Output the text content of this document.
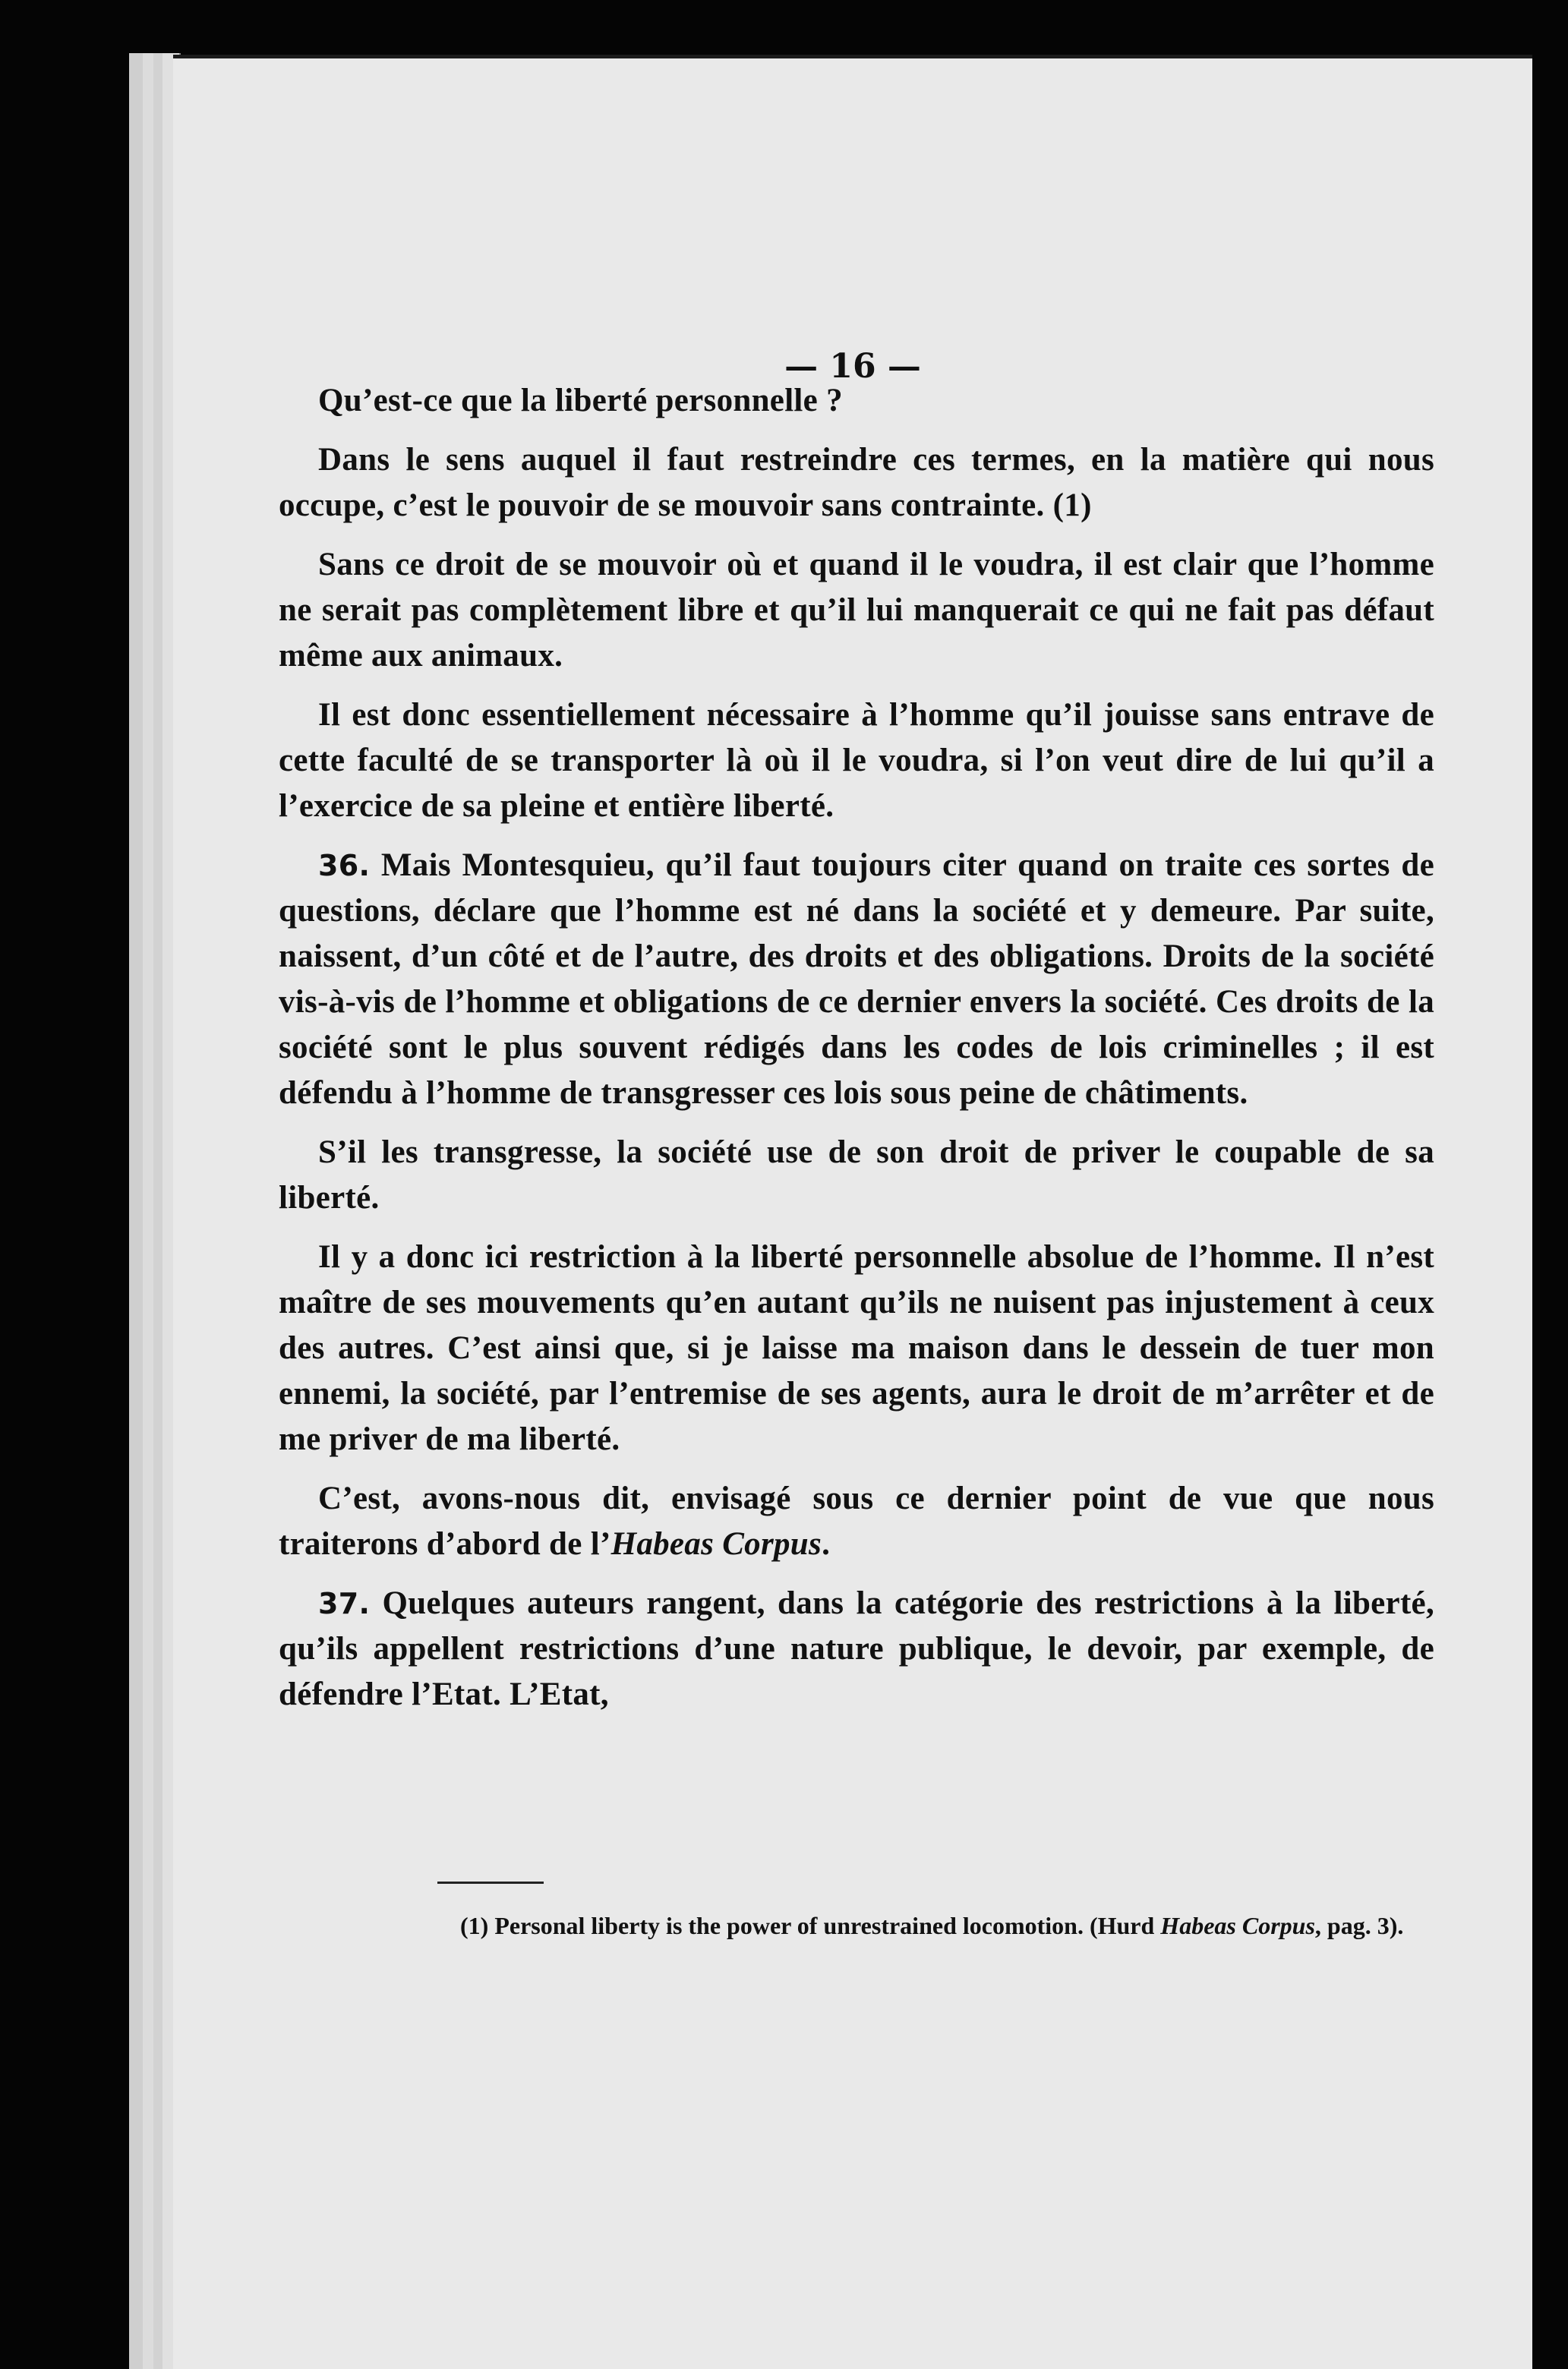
— 16 —

Qu’est-ce que la liberté personnelle ?

Dans le sens auquel il faut restreindre ces termes, en la matière qui nous occupe, c’est le pouvoir de se mouvoir sans contrainte. (1)

Sans ce droit de se mouvoir où et quand il le voudra, il est clair que l’homme ne serait pas complètement libre et qu’il lui manquerait ce qui ne fait pas défaut même aux animaux.

Il est donc essentiellement nécessaire à l’homme qu’il jouisse sans entrave de cette faculté de se transporter là où il le voudra, si l’on veut dire de lui qu’il a l’exercice de sa pleine et entière liberté.

36. Mais Montesquieu, qu’il faut toujours citer quand on traite ces sortes de questions, déclare que l’homme est né dans la société et y demeure. Par suite, naissent, d’un côté et de l’autre, des droits et des obligations. Droits de la société vis-à-vis de l’homme et obligations de ce dernier envers la société. Ces droits de la société sont le plus souvent rédigés dans les codes de lois criminelles ; il est défendu à l’homme de transgresser ces lois sous peine de châtiments.

S’il les transgresse, la société use de son droit de priver le coupable de sa liberté.

Il y a donc ici restriction à la liberté personnelle absolue de l’homme. Il n’est maître de ses mouvements qu’en autant qu’ils ne nuisent pas injustement à ceux des autres. C’est ainsi que, si je laisse ma maison dans le dessein de tuer mon ennemi, la société, par l’entremise de ses agents, aura le droit de m’arrêter et de me priver de ma liberté.

C’est, avons-nous dit, envisagé sous ce dernier point de vue que nous traiterons d’abord de l’Habeas Corpus.

37. Quelques auteurs rangent, dans la catégorie des restrictions à la liberté, qu’ils appellent restrictions d’une nature publique, le devoir, par exemple, de défendre l’Etat. L’Etat,

(1) Personal liberty is the power of unrestrained locomotion. (Hurd Habeas Corpus, pag. 3).
